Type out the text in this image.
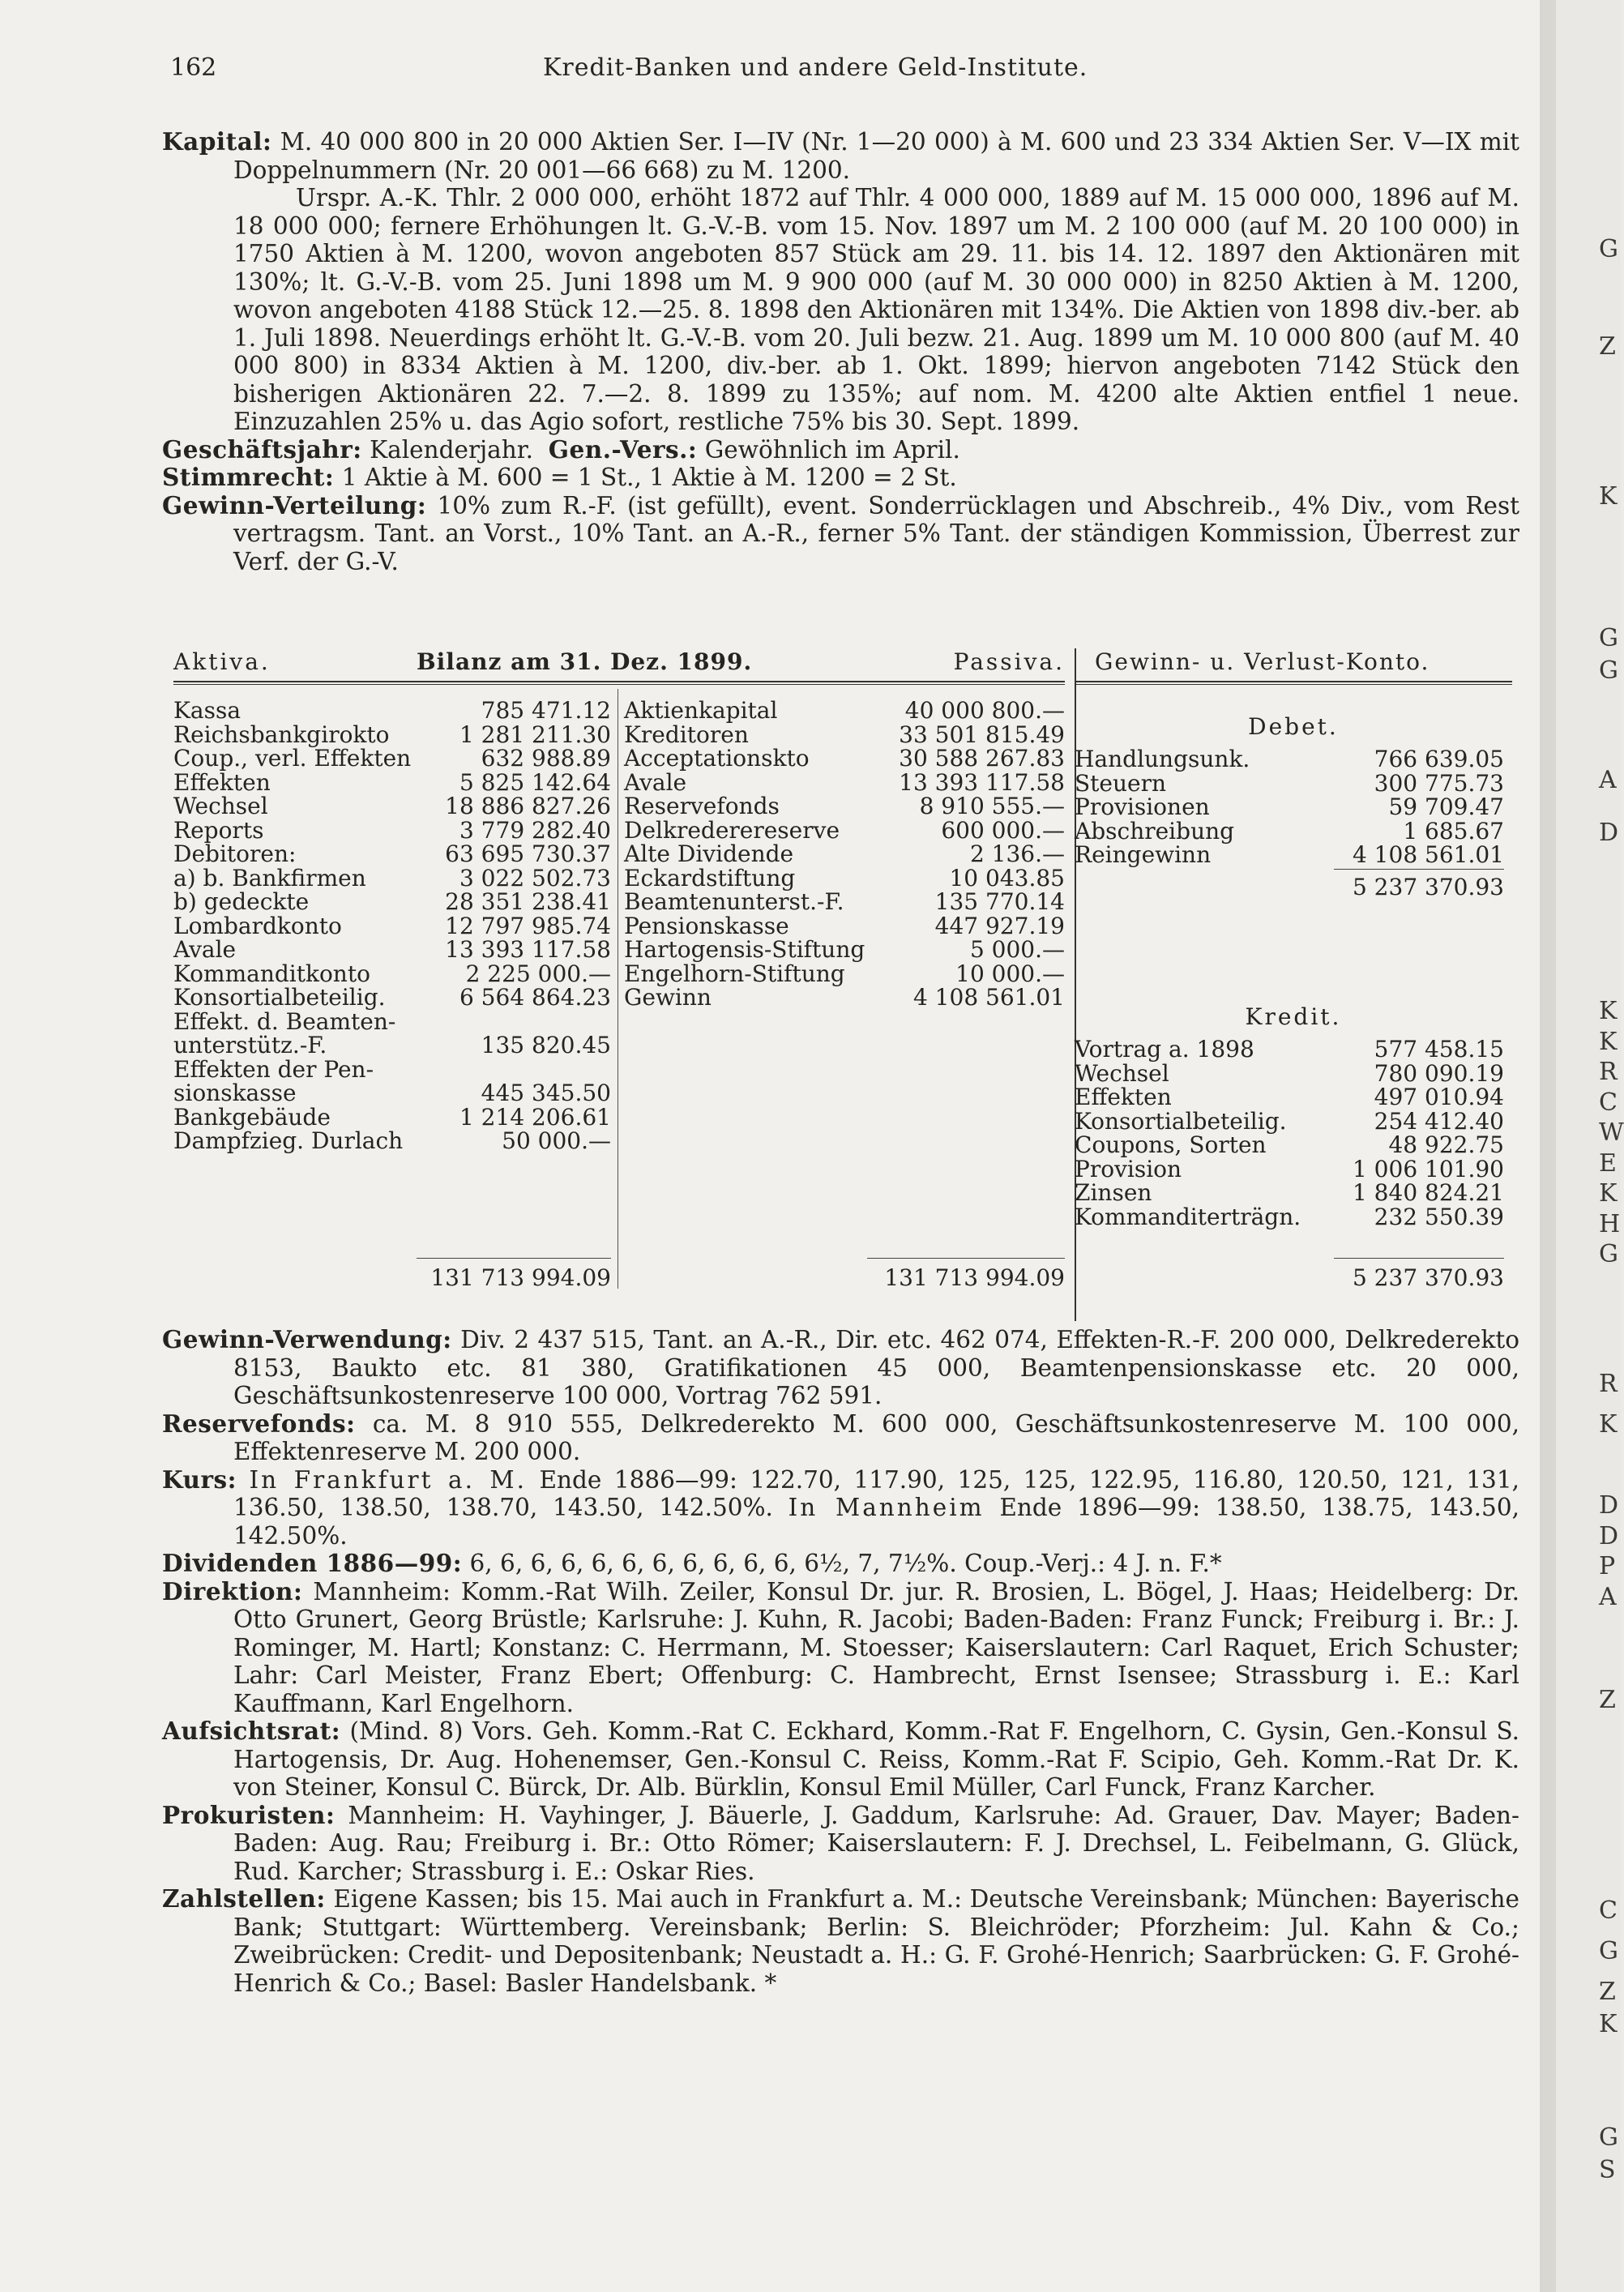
G
Z
K
G
G
A
D
K
K
R
C
W
E
K
H
G
R
K
D
D
P
A
Z
C
G
Z
K
G
S
162	Kredit-Banken und andere Geld-Institute.

Kapital: M. 40 000 800 in 20 000 Aktien Ser. I—IV (Nr. 1—20 000) à M. 600 und 23 334 Aktien Ser. V—IX mit Doppelnummern (Nr. 20 001—66 668) zu M. 1200.

Urspr. A.-K. Thlr. 2 000 000, erhöht 1872 auf Thlr. 4 000 000, 1889 auf M. 15 000 000, 1896 auf M. 18 000 000; fernere Erhöhungen lt. G.-V.-B. vom 15. Nov. 1897 um M. 2 100 000 (auf M. 20 100 000) in 1750 Aktien à M. 1200, wovon angeboten 857 Stück am 29. 11. bis 14. 12. 1897 den Aktionären mit 130%; lt. G.-V.-B. vom 25. Juni 1898 um M. 9 900 000 (auf M. 30 000 000) in 8250 Aktien à M. 1200, wovon angeboten 4188 Stück 12.—25. 8. 1898 den Aktionären mit 134%. Die Aktien von 1898 div.-ber. ab 1. Juli 1898. Neuerdings erhöht lt. G.-V.-B. vom 20. Juli bezw. 21. Aug. 1899 um M. 10 000 800 (auf M. 40 000 800) in 8334 Aktien à M. 1200, div.-ber. ab 1. Okt. 1899; hiervon angeboten 7142 Stück den bisherigen Aktionären 22. 7.—2. 8. 1899 zu 135%; auf nom. M. 4200 alte Aktien entfiel 1 neue. Einzuzahlen 25% u. das Agio sofort, restliche 75% bis 30. Sept. 1899.

Geschäftsjahr: Kalenderjahr. Gen.-Vers.: Gewöhnlich im April.

Stimmrecht: 1 Aktie à M. 600 = 1 St., 1 Aktie à M. 1200 = 2 St.

Gewinn-Verteilung: 10% zum R.-F. (ist gefüllt), event. Sonderrücklagen und Abschreib., 4% Div., vom Rest vertragsm. Tant. an Vorst., 10% Tant. an A.-R., ferner 5% Tant. der ständigen Kommission, Überrest zur Verf. der G.-V.

Aktiva.	Bilanz am 31. Dez. 1899.	Passiva.
Kassa	785 471.12
Reichsbankgirokto	1 281 211.30
Coup., verl. Effekten	632 988.89
Effekten	5 825 142.64
Wechsel	18 886 827.26
Reports	3 779 282.40
Debitoren:	63 695 730.37
a) b. Bankfirmen	3 022 502.73
b) gedeckte	28 351 238.41
Lombardkonto	12 797 985.74
Avale	13 393 117.58
Kommanditkonto	2 225 000.—
Konsortialbeteilig.	6 564 864.23
Effekt. d. Beamten-
unterstütz.-F.	135 820.45
Effekten der Pen-
sionskasse	445 345.50
Bankgebäude	1 214 206.61
Dampfzieg. Durlach	50 000.—
Aktienkapital	40 000 800.—
Kreditoren	33 501 815.49
Acceptationskto	30 588 267.83
Avale	13 393 117.58
Reservefonds	8 910 555.—
Delkrederereserve	600 000.—
Alte Dividende	2 136.—
Eckardstiftung	10 043.85
Beamtenunterst.-F.	135 770.14
Pensionskasse	447 927.19
Hartogensis-Stiftung	5 000.—
Engelhorn-Stiftung	10 000.—
Gewinn	4 108 561.01
131 713 994.09	131 713 994.09
Gewinn- u. Verlust-Konto.
Debet.
Handlungsunk.	766 639.05
Steuern	300 775.73
Provisionen	59 709.47
Abschreibung	1 685.67
Reingewinn	4 108 561.01
5 237 370.93
Kredit.
Vortrag a. 1898	577 458.15
Wechsel	780 090.19
Effekten	497 010.94
Konsortialbeteilig.	254 412.40
Coupons, Sorten	48 922.75
Provision	1 006 101.90
Zinsen	1 840 824.21
Kommanditerträgn.	232 550.39
5 237 370.93

Gewinn-Verwendung: Div. 2 437 515, Tant. an A.-R., Dir. etc. 462 074, Effekten-R.-F. 200 000, Delkrederekto 8153, Baukto etc. 81 380, Gratifikationen 45 000, Beamtenpensionskasse etc. 20 000, Geschäftsunkostenreserve 100 000, Vortrag 762 591.

Reservefonds: ca. M. 8 910 555, Delkrederekto M. 600 000, Geschäftsunkostenreserve M. 100 000, Effektenreserve M. 200 000.

Kurs: In Frankfurt a. M. Ende 1886—99: 122.70, 117.90, 125, 125, 122.95, 116.80, 120.50, 121, 131, 136.50, 138.50, 138.70, 143.50, 142.50%. In Mannheim Ende 1896—99: 138.50, 138.75, 143.50, 142.50%.

Dividenden 1886—99: 6, 6, 6, 6, 6, 6, 6, 6, 6, 6, 6, 6½, 7, 7½%. Coup.-Verj.: 4 J. n. F.*

Direktion: Mannheim: Komm.-Rat Wilh. Zeiler, Konsul Dr. jur. R. Brosien, L. Bögel, J. Haas; Heidelberg: Dr. Otto Grunert, Georg Brüstle; Karlsruhe: J. Kuhn, R. Jacobi; Baden-Baden: Franz Funck; Freiburg i. Br.: J. Rominger, M. Hartl; Konstanz: C. Herrmann, M. Stoesser; Kaiserslautern: Carl Raquet, Erich Schuster; Lahr: Carl Meister, Franz Ebert; Offenburg: C. Hambrecht, Ernst Isensee; Strassburg i. E.: Karl Kauffmann, Karl Engelhorn.

Aufsichtsrat: (Mind. 8) Vors. Geh. Komm.-Rat C. Eckhard, Komm.-Rat F. Engelhorn, C. Gysin, Gen.-Konsul S. Hartogensis, Dr. Aug. Hohenemser, Gen.-Konsul C. Reiss, Komm.-Rat F. Scipio, Geh. Komm.-Rat Dr. K. von Steiner, Konsul C. Bürck, Dr. Alb. Bürklin, Konsul Emil Müller, Carl Funck, Franz Karcher.

Prokuristen: Mannheim: H. Vayhinger, J. Bäuerle, J. Gaddum, Karlsruhe: Ad. Grauer, Dav. Mayer; Baden-Baden: Aug. Rau; Freiburg i. Br.: Otto Römer; Kaiserslautern: F. J. Drechsel, L. Feibelmann, G. Glück, Rud. Karcher; Strassburg i. E.: Oskar Ries.

Zahlstellen: Eigene Kassen; bis 15. Mai auch in Frankfurt a. M.: Deutsche Vereinsbank; München: Bayerische Bank; Stuttgart: Württemberg. Vereinsbank; Berlin: S. Bleichröder; Pforzheim: Jul. Kahn & Co.; Zweibrücken: Credit- und Depositenbank; Neustadt a. H.: G. F. Grohé-Henrich; Saarbrücken: G. F. Grohé-Henrich & Co.; Basel: Basler Handelsbank. *
